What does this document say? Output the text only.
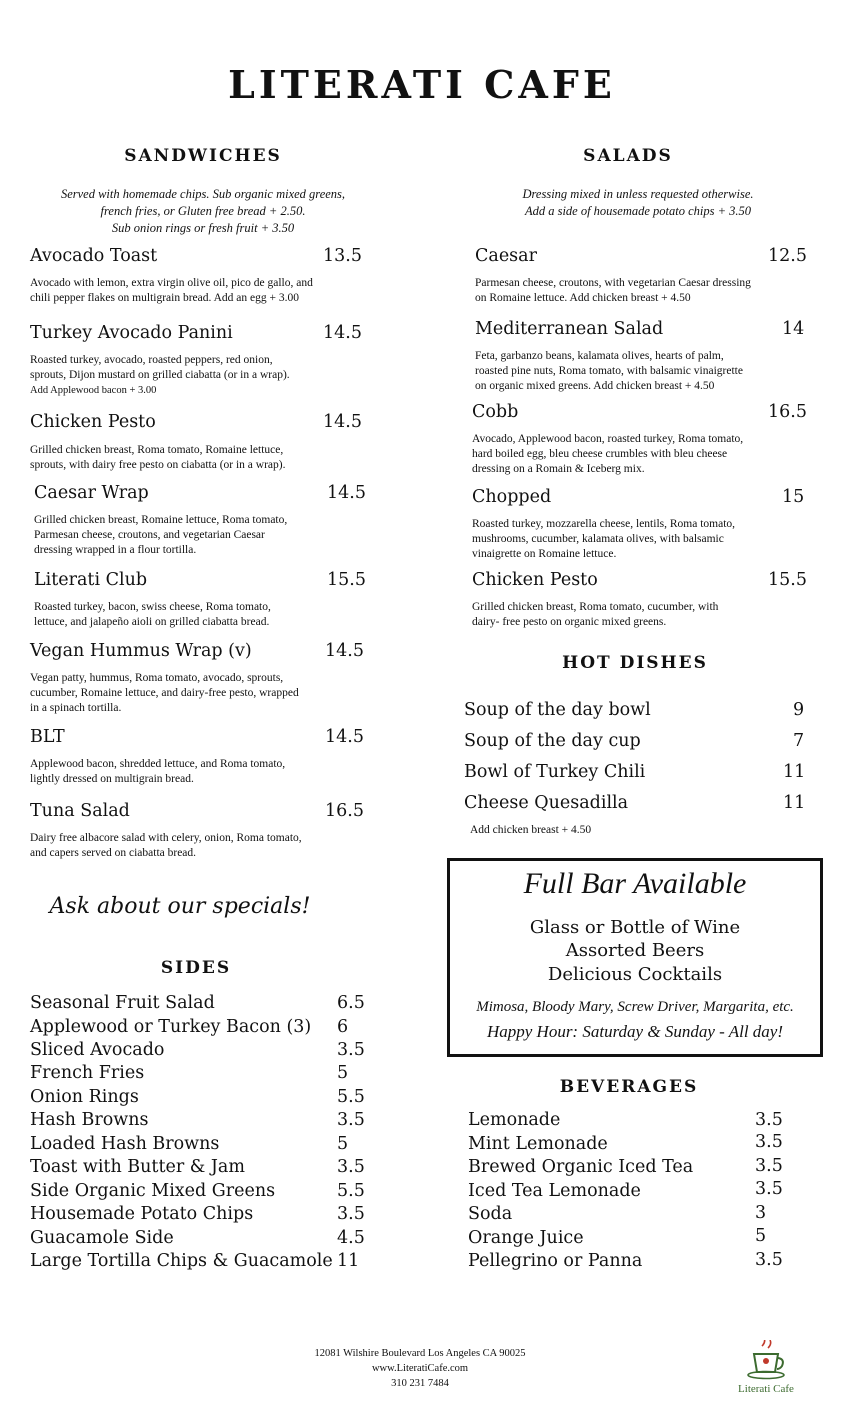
LITERATI CAFE
SANDWICHES
Served with homemade chips. Sub organic mixed greens,
french fries, or Gluten free bread + 2.50.
Sub onion rings or fresh fruit + 3.50
Avocado Toast	13.5
Avocado with lemon, extra virgin olive oil, pico de gallo, and
chili pepper flakes on multigrain bread. Add an egg + 3.00
Turkey Avocado Panini	14.5
Roasted turkey, avocado, roasted peppers, red onion,
sprouts, Dijon mustard on grilled ciabatta (or in a wrap).
Add Applewood bacon + 3.00
Chicken Pesto	14.5
Grilled chicken breast, Roma tomato, Romaine lettuce,
sprouts, with dairy free pesto on ciabatta (or in a wrap).
Caesar Wrap	14.5
Grilled chicken breast, Romaine lettuce, Roma tomato,
Parmesan cheese, croutons, and vegetarian Caesar
dressing wrapped in a flour tortilla.
Literati Club	15.5
Roasted turkey, bacon, swiss cheese, Roma tomato,
lettuce, and jalapeño aioli on grilled ciabatta bread.
Vegan Hummus Wrap (v)	14.5
Vegan patty, hummus, Roma tomato, avocado, sprouts,
cucumber, Romaine lettuce, and dairy-free pesto, wrapped
in a spinach tortilla.
BLT	14.5
Applewood bacon, shredded lettuce, and Roma tomato,
lightly dressed on multigrain bread.
Tuna Salad	16.5
Dairy free albacore salad with celery, onion, Roma tomato,
and capers served on ciabatta bread.
Ask about our specials!
SIDES
Seasonal Fruit Salad	6.5
Applewood or Turkey Bacon (3) 6
Sliced Avocado	3.5
French Fries	5
Onion Rings	5.5
Hash Browns	3.5
Loaded Hash Browns	5
Toast with Butter & Jam	3.5
Side Organic Mixed Greens	5.5
Housemade Potato Chips	3.5
Guacamole Side	4.5
Large Tortilla Chips & Guacamole 11
SALADS
Dressing mixed in unless requested otherwise.
Add a side of housemade potato chips + 3.50
Caesar	12.5
Parmesan cheese, croutons, with vegetarian Caesar dressing
on Romaine lettuce. Add chicken breast + 4.50
Mediterranean Salad	14
Feta, garbanzo beans, kalamata olives, hearts of palm,
roasted pine nuts, Roma tomato, with balsamic vinaigrette
on organic mixed greens. Add chicken breast + 4.50
Cobb	16.5
Avocado, Applewood bacon, roasted turkey, Roma tomato,
hard boiled egg, bleu cheese crumbles with bleu cheese
dressing on a Romain & Iceberg mix.
Chopped	15
Roasted turkey, mozzarella cheese, lentils, Roma tomato,
mushrooms, cucumber, kalamata olives, with balsamic
vinaigrette on Romaine lettuce.
Chicken Pesto	15.5
Grilled chicken breast, Roma tomato, cucumber, with
dairy- free pesto on organic mixed greens.
HOT DISHES
Soup of the day bowl	9
Soup of the day cup	7
Bowl of Turkey Chili	11
Cheese Quesadilla	11
Add chicken breast + 4.50
Full Bar Available
Glass or Bottle of Wine
Assorted Beers
Delicious Cocktails
Mimosa, Bloody Mary, Screw Driver, Margarita, etc.
Happy Hour: Saturday & Sunday - All day!
BEVERAGES
Lemonade	3.5
Mint Lemonade	3.5
Brewed Organic Iced Tea	3.5
Iced Tea Lemonade	3.5
Soda	3
Orange Juice	5
Pellegrino or Panna	3.5
12081 Wilshire Boulevard Los Angeles CA 90025
www.LiteratiCafe.com
310 231 7484	Literati Cafe
